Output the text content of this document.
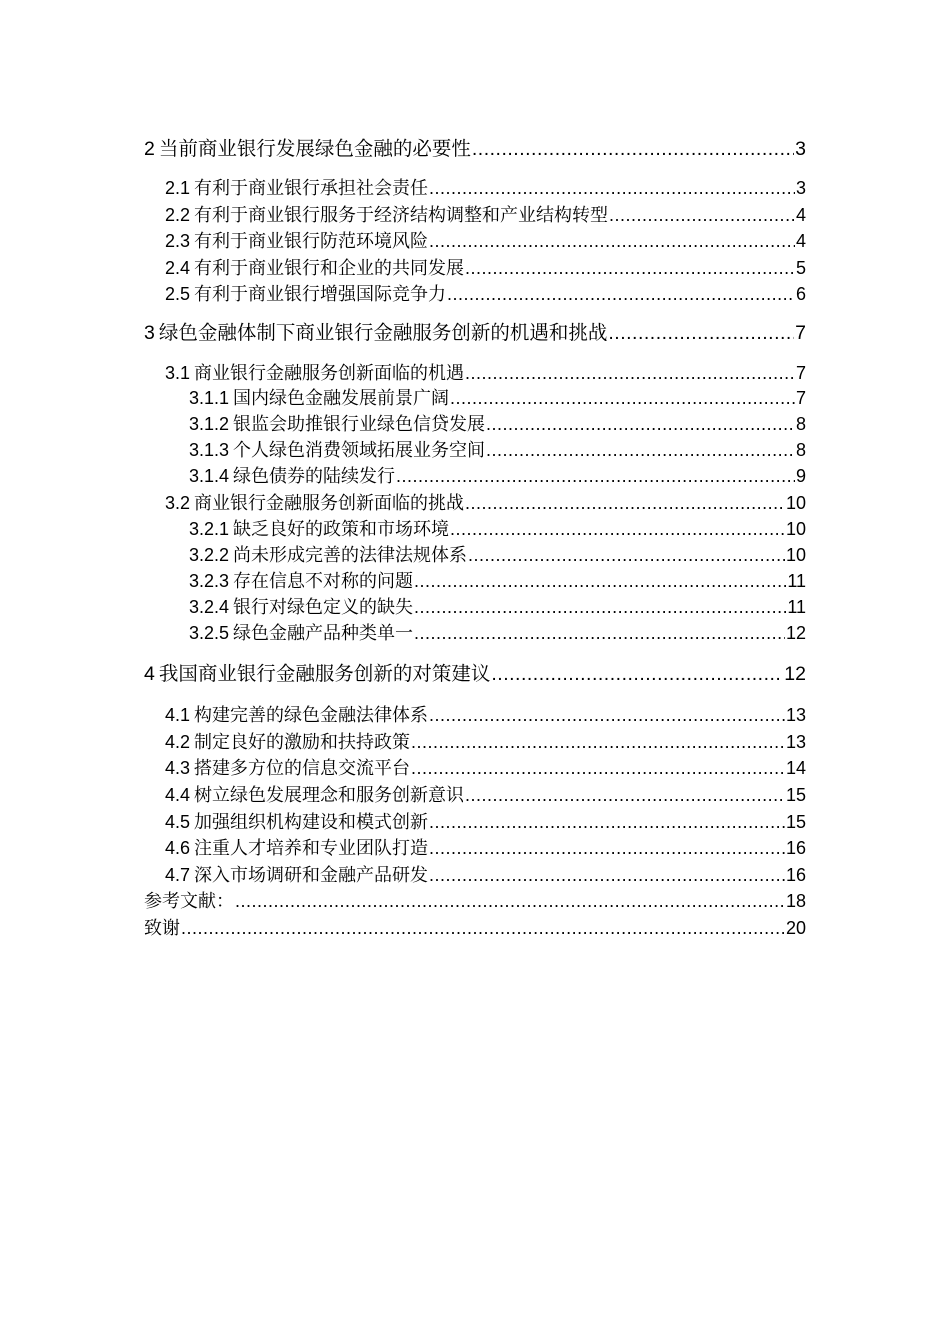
2 当前商业银行发展绿色金融的必要性 .....	3
2.1 有利于商业银行承担社会责任 .....	3
2.2 有利于商业银行服务于经济结构调整和产业结构转型 .....	4
2.3 有利于商业银行防范环境风险 .....	4
2.4 有利于商业银行和企业的共同发展 .....	5
2.5 有利于商业银行增强国际竞争力 .....	6
3 绿色金融体制下商业银行金融服务创新的机遇和挑战 .....	7
3.1 商业银行金融服务创新面临的机遇 .....	7
3.1.1 国内绿色金融发展前景广阔 .....	7
3.1.2 银监会助推银行业绿色信贷发展 .....	8
3.1.3 个人绿色消费领域拓展业务空间 .....	8
3.1.4 绿色债券的陆续发行 .....	9
3.2 商业银行金融服务创新面临的挑战 .....	10
3.2.1 缺乏良好的政策和市场环境 .....	10
3.2.2 尚未形成完善的法律法规体系 .....	10
3.2.3 存在信息不对称的问题 .....	11
3.2.4 银行对绿色定义的缺失 .....	11
3.2.5 绿色金融产品种类单一 .....	12
4 我国商业银行金融服务创新的对策建议 .....	12
4.1 构建完善的绿色金融法律体系 .....	13
4.2 制定良好的激励和扶持政策 .....	13
4.3 搭建多方位的信息交流平台 .....	14
4.4 树立绿色发展理念和服务创新意识 .....	15
4.5 加强组织机构建设和模式创新 .....	15
4.6 注重人才培养和专业团队打造 .....	16
4.7 深入市场调研和金融产品研发 .....	16
参考文献： .....	18
致谢 .....	20
